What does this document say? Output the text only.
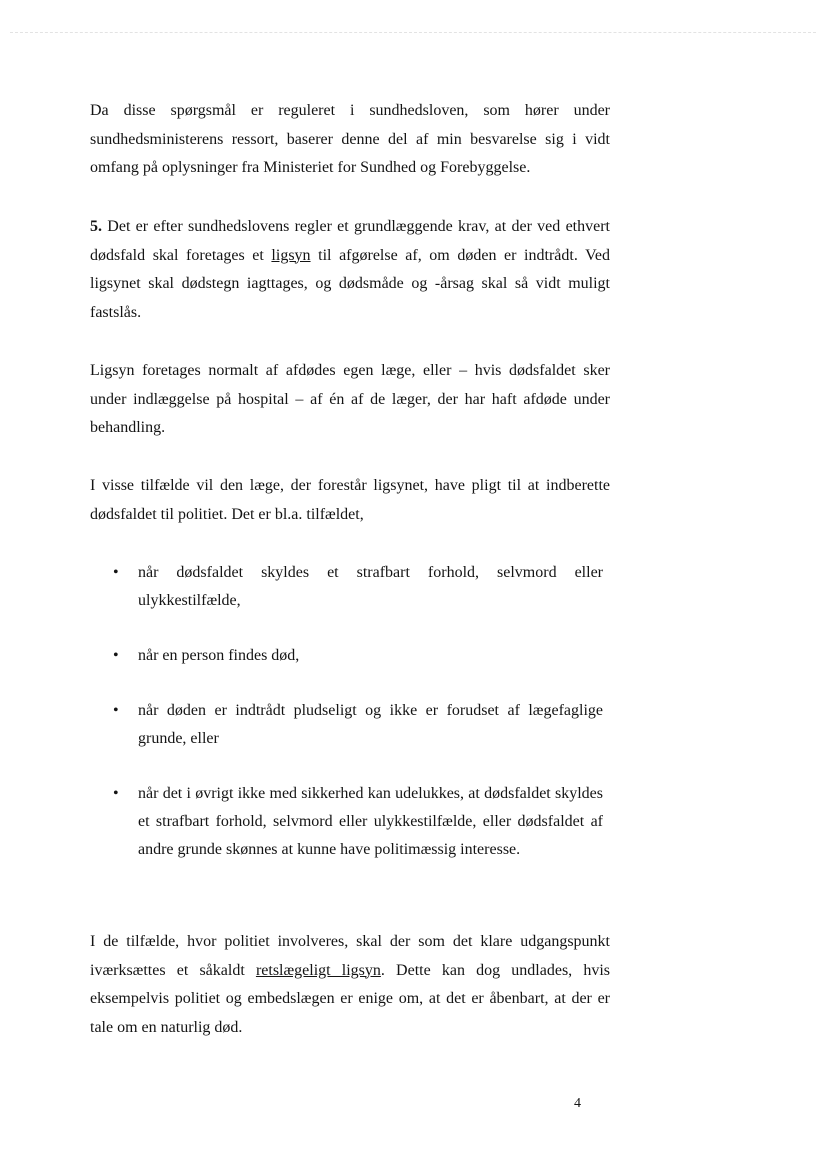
Da disse spørgsmål er reguleret i sundhedsloven, som hører under sundhedsministerens ressort, baserer denne del af min besvarelse sig i vidt omfang på oplysninger fra Ministeriet for Sundhed og Forebyggelse.

5. Det er efter sundhedslovens regler et grundlæggende krav, at der ved ethvert dødsfald skal foretages et ligsyn til afgørelse af, om døden er indtrådt. Ved ligsynet skal dødstegn iagttages, og dødsmåde og -årsag skal så vidt muligt fastslås.

Ligsyn foretages normalt af afdødes egen læge, eller – hvis dødsfaldet sker under indlæggelse på hospital – af én af de læger, der har haft afdøde under behandling.

I visse tilfælde vil den læge, der forestår ligsynet, have pligt til at indberette dødsfaldet til politiet. Det er bl.a. tilfældet,

• når dødsfaldet skyldes et strafbart forhold, selvmord eller ulykkestilfælde,
• når en person findes død,
• når døden er indtrådt pludseligt og ikke er forudset af lægefaglige grunde, eller
• når det i øvrigt ikke med sikkerhed kan udelukkes, at dødsfaldet skyldes et strafbart forhold, selvmord eller ulykkestilfælde, eller dødsfaldet af andre grunde skønnes at kunne have politimæssig interesse.

I de tilfælde, hvor politiet involveres, skal der som det klare udgangspunkt iværksættes et såkaldt retslægeligt ligsyn. Dette kan dog undlades, hvis eksempelvis politiet og embedslægen er enige om, at det er åbenbart, at der er tale om en naturlig død.

4
